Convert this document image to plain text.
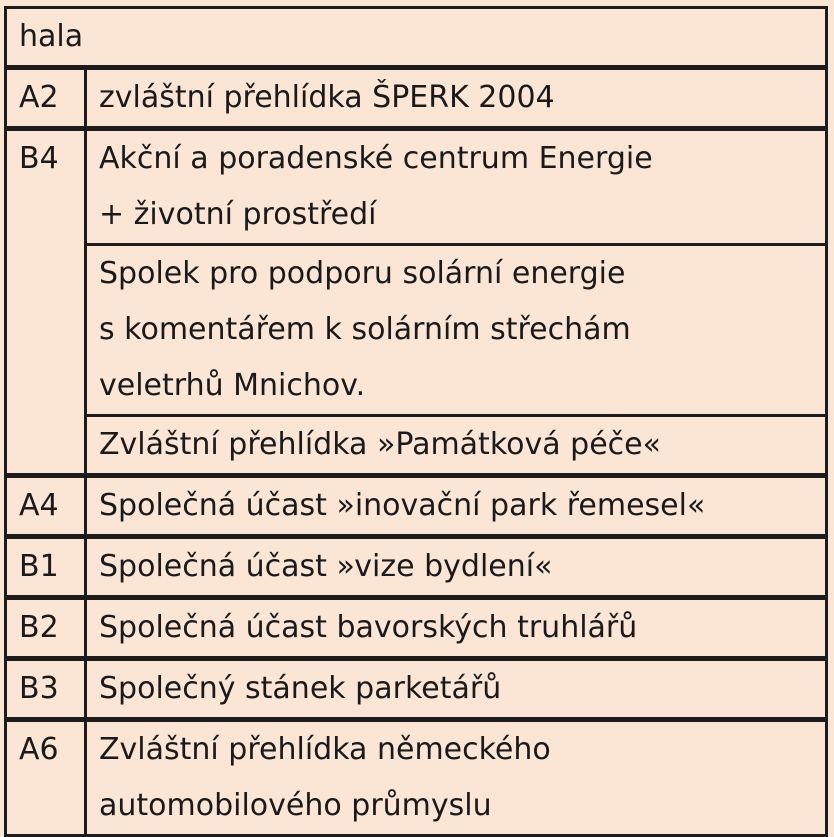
hala	
A2	zvláštní přehlídka ŠPERK 2004

B4	Akční a poradenské centrum Energie
+ životní prostředí

	Spolek pro podporu solární energie
s komentářem k solárním střechám
veletrhů Mnichov.

	Zvláštní přehlídka »Památková péče«

A4	Společná účast »inovační park řemesel«

B1	Společná účast »vize bydlení«

B2	Společná účast bavorských truhlářů

B3	Společný stánek parketářů

A6	Zvláštní přehlídka německého
automobilového průmyslu
